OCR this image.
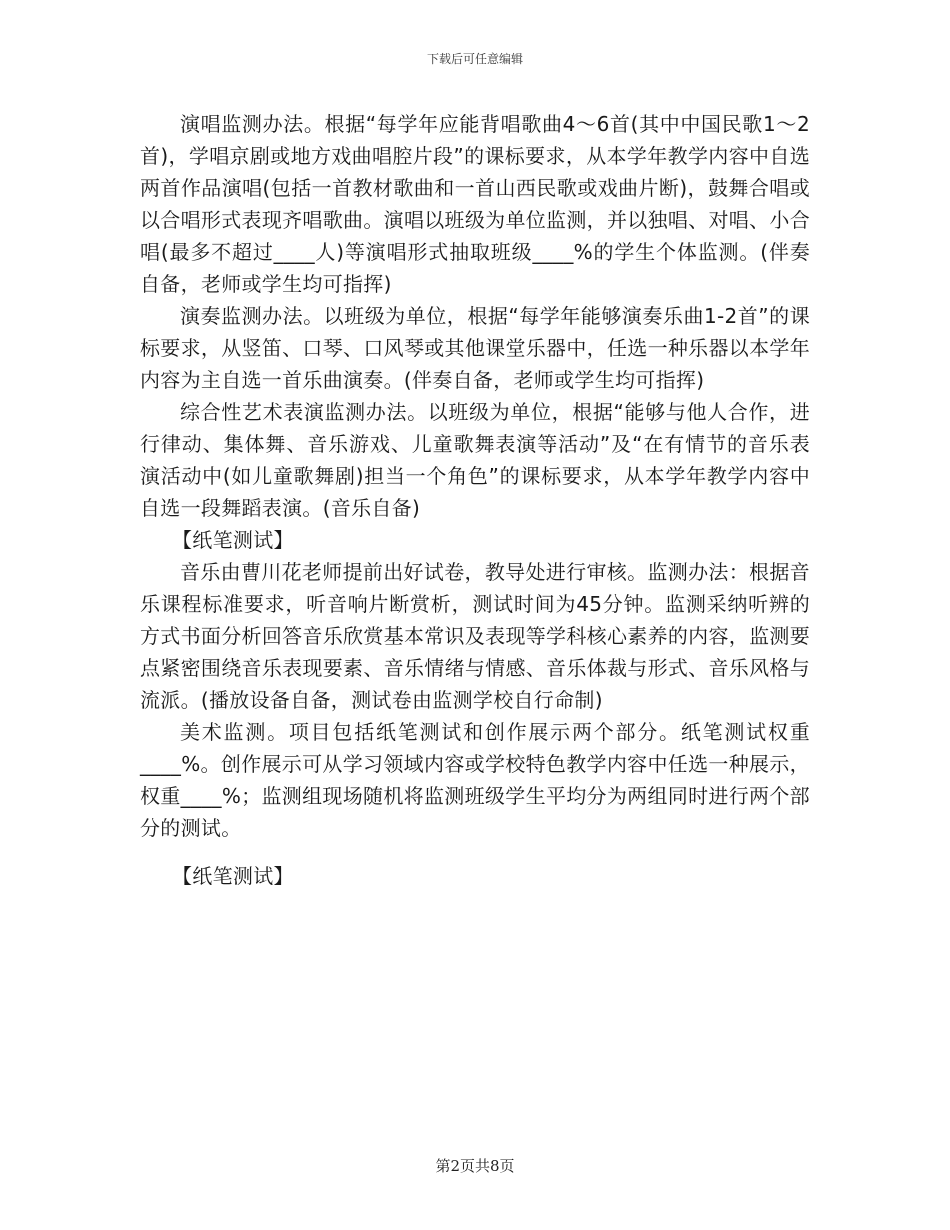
下载后可任意编辑

演唱监测办法。根据“每学年应能背唱歌曲4～6首(其中中国民歌1～2首)，学唱京剧或地方戏曲唱腔片段”的课标要求，从本学年教学内容中自选两首作品演唱(包括一首教材歌曲和一首山西民歌或戏曲片断)，鼓舞合唱或以合唱形式表现齐唱歌曲。演唱以班级为单位监测，并以独唱、对唱、小合唱(最多不超过____人)等演唱形式抽取班级____%的学生个体监测。(伴奏自备，老师或学生均可指挥)

演奏监测办法。以班级为单位，根据“每学年能够演奏乐曲1-2首”的课标要求，从竖笛、口琴、口风琴或其他课堂乐器中，任选一种乐器以本学年内容为主自选一首乐曲演奏。(伴奏自备，老师或学生均可指挥)

综合性艺术表演监测办法。以班级为单位，根据“能够与他人合作，进行律动、集体舞、音乐游戏、儿童歌舞表演等活动”及“在有情节的音乐表演活动中(如儿童歌舞剧)担当一个角色”的课标要求，从本学年教学内容中自选一段舞蹈表演。(音乐自备)

【纸笔测试】

音乐由曹川花老师提前出好试卷，教导处进行审核。监测办法：根据音乐课程标准要求，听音响片断赏析，测试时间为45分钟。监测采纳听辨的方式书面分析回答音乐欣赏基本常识及表现等学科核心素养的内容，监测要点紧密围绕音乐表现要素、音乐情绪与情感、音乐体裁与形式、音乐风格与流派。(播放设备自备，测试卷由监测学校自行命制)

美术监测。项目包括纸笔测试和创作展示两个部分。纸笔测试权重____%。创作展示可从学习领域内容或学校特色教学内容中任选一种展示，权重____%；监测组现场随机将监测班级学生平均分为两组同时进行两个部分的测试。

【纸笔测试】

第2页共8页
